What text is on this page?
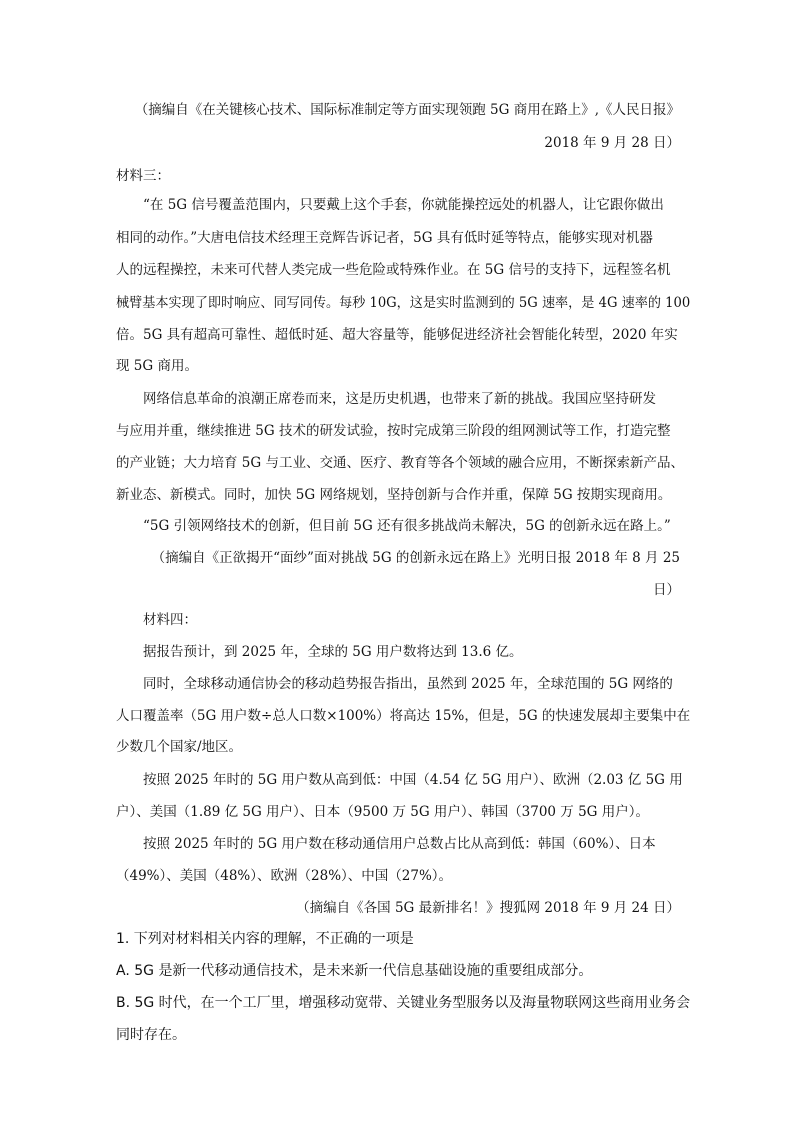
（摘编自《在关键核心技术、国际标准制定等方面实现领跑 5G 商用在路上》,《人民日报》
2018 年 9 月 28 日）
材料三：
“在 5G 信号覆盖范围内，只要戴上这个手套，你就能操控远处的机器人，让它跟你做出
相同的动作。”大唐电信技术经理王竞辉告诉记者，5G 具有低时延等特点，能够实现对机器
人的远程操控，未来可代替人类完成一些危险或特殊作业。在 5G 信号的支持下，远程签名机
械臂基本实现了即时响应、同写同传。每秒 10G，这是实时监测到的 5G 速率，是 4G 速率的 100
倍。5G 具有超高可靠性、超低时延、超大容量等，能够促进经济社会智能化转型，2020 年实
现 5G 商用。
网络信息革命的浪潮正席卷而来，这是历史机遇，也带来了新的挑战。我国应坚持研发
与应用并重，继续推进 5G 技术的研发试验，按时完成第三阶段的组网测试等工作，打造完整
的产业链；大力培育 5G 与工业、交通、医疗、教育等各个领域的融合应用，不断探索新产品、
新业态、新模式。同时，加快 5G 网络规划，坚持创新与合作并重，保障 5G 按期实现商用。
“5G 引领网络技术的创新，但目前 5G 还有很多挑战尚未解决，5G 的创新永远在路上。”
（摘编自《正欲揭开“面纱”面对挑战 5G 的创新永远在路上》光明日报 2018 年 8 月 25
日）
材料四：
据报告预计，到 2025 年，全球的 5G 用户数将达到 13.6 亿。
同时，全球移动通信协会的移动趋势报告指出，虽然到 2025 年，全球范围的 5G 网络的
人口覆盖率（5G 用户数÷总人口数×100%）将高达 15%，但是，5G 的快速发展却主要集中在
少数几个国家/地区。
按照 2025 年时的 5G 用户数从高到低：中国（4.54 亿 5G 用户）、欧洲（2.03 亿 5G 用
户）、美国（1.89 亿 5G 用户）、日本（9500 万 5G 用户）、韩国（3700 万 5G 用户）。
按照 2025 年时的 5G 用户数在移动通信用户总数占比从高到低：韩国（60%）、日本
（49%）、美国（48%）、欧洲（28%）、中国（27%）。
（摘编自《各国 5G 最新排名！》搜狐网 2018 年 9 月 24 日）
1. 下列对材料相关内容的理解，不正确的一项是
A. 5G 是新一代移动通信技术，是未来新一代信息基础设施的重要组成部分。
B. 5G 时代，在一个工厂里，增强移动宽带、关键业务型服务以及海量物联网这些商用业务会
同时存在。
